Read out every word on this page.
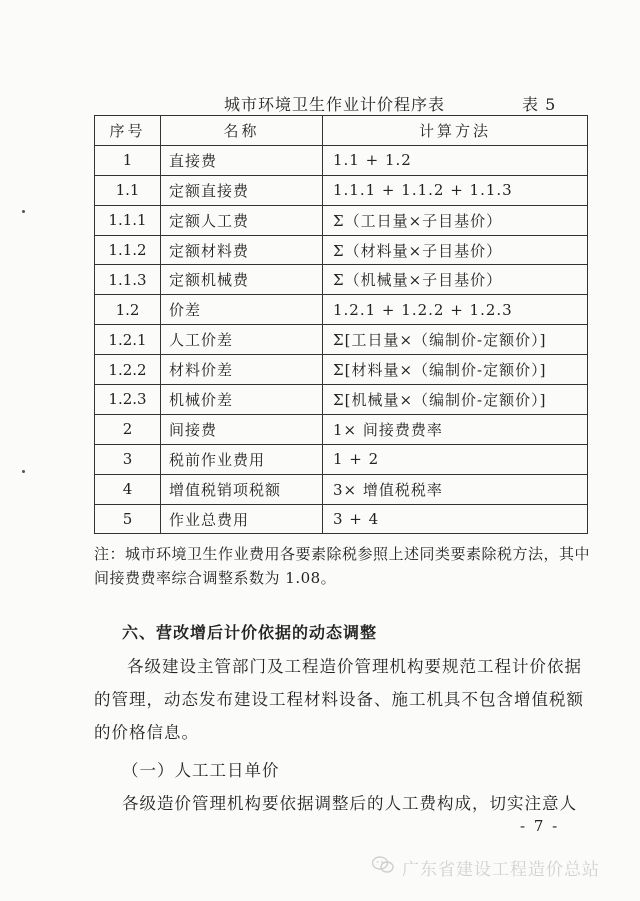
城市环境卫生作业计价程序表	表 5
序号	名称	计算方法
1	直接费	1.1 + 1.2
1.1	定额直接费	1.1.1 + 1.1.2 + 1.1.3
1.1.1	定额人工费	Σ（工日量×子目基价）
1.1.2	定额材料费	Σ（材料量×子目基价）
1.1.3	定额机械费	Σ（机械量×子目基价）
1.2	价差	1.2.1 + 1.2.2 + 1.2.3
1.2.1	人工价差	Σ[工日量×（编制价-定额价）]
1.2.2	材料价差	Σ[材料量×（编制价-定额价）]
1.2.3	机械价差	Σ[机械量×（编制价-定额价）]
2	间接费	1× 间接费费率
3	税前作业费用	1 + 2
4	增值税销项税额	3× 增值税税率
5	作业总费用	3 + 4
注：城市环境卫生作业费用各要素除税参照上述同类要素除税方法，其中间接费费率综合调整系数为 1.08。
六、营改增后计价依据的动态调整
各级建设主管部门及工程造价管理机构要规范工程计价依据的管理，动态发布建设工程材料设备、施工机具不包含增值税额的价格信息。
（一）人工工日单价
各级造价管理机构要依据调整后的人工费构成，切实注意人
- 7 -
广东省建设工程造价总站
